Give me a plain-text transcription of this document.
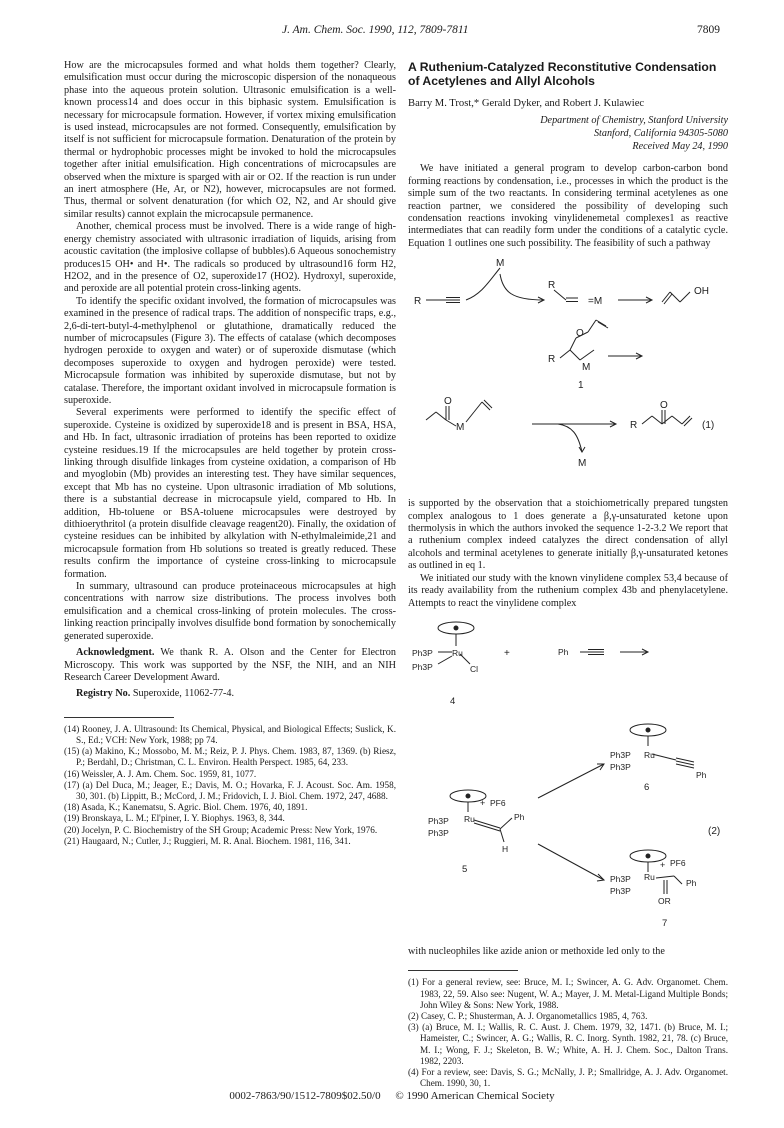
J. Am. Chem. Soc. 1990, 112, 7809-7811	7809

How are the microcapsules formed and what holds them together? Clearly, emulsification must occur during the microscopic dispersion of the nonaqueous phase into the aqueous protein solution. Ultrasonic emulsification is a well-known process14 and does occur in this biphasic system. Emulsification is necessary for microcapsule formation. However, if vortex mixing emulsification is used instead, microcapsules are not formed. Consequently, emulsification by itself is not sufficient for microcapsule formation. Denaturation of the protein by thermal or hydrophobic processes might be invoked to hold the microcapsules together after initial emulsification. High concentrations of microcapsules are observed when the mixture is sparged with air or O2. If the reaction is run under an inert atmosphere (He, Ar, or N2), however, microcapsules are not formed. Thus, thermal or solvent denaturation (for which O2, N2, and Ar should give similar results) cannot explain the microcapsule permanence.

Another, chemical process must be involved. There is a wide range of high-energy chemistry associated with ultrasonic irradiation of liquids, arising from acoustic cavitation (the implosive collapse of bubbles).6 Aqueous sonochemistry produces15 OH• and H•. The radicals so produced by ultrasound16 form H2, H2O2, and in the presence of O2, superoxide17 (HO2). Hydroxyl, superoxide, and peroxide are all potential protein cross-linking agents.

To identify the specific oxidant involved, the formation of microcapsules was examined in the presence of radical traps. The addition of nonspecific traps, e.g., 2,6-di-tert-butyl-4-methylphenol or glutathione, dramatically reduced the number of microcapsules (Figure 3). The effects of catalase (which decomposes hydrogen peroxide to oxygen and water) or of superoxide dismutase (which decomposes superoxide to oxygen and hydrogen peroxide) were tested. Microcapsule formation was inhibited by superoxide dismutase, but not by catalase. Therefore, the important oxidant involved in microcapsule formation is superoxide.

Several experiments were performed to identify the specific effect of superoxide. Cysteine is oxidized by superoxide18 and is present in BSA, HSA, and Hb. In fact, ultrasonic irradiation of proteins has been reported to oxidize cysteine residues.19 If the microcapsules are held together by protein cross-linking through disulfide linkages from cysteine oxidation, a comparison of Hb and myoglobin (Mb) provides an interesting test. They have similar sequences, except that Mb has no cysteine. Upon ultrasonic irradiation of Mb solutions, there is a substantial decrease in microcapsule yield, compared to Hb. In addition, Hb-toluene or BSA-toluene microcapsules were destroyed by dithioerythritol (a protein disulfide cleavage reagent20). Finally, the oxidation of cysteine residues can be inhibited by alkylation with N-ethylmaleimide,21 and microcapsule formation from Hb solutions so treated is greatly reduced. These results confirm the importance of cysteine cross-linking to microcapsule formation.

In summary, ultrasound can produce proteinaceous microcapsules at high concentrations with narrow size distributions. The process involves both emulsification and a chemical cross-linking of protein molecules. The cross-linking reaction principally involves disulfide bond formation by sonochemically generated superoxide.

Acknowledgment. We thank R. A. Olson and the Center for Electron Microscopy. This work was supported by the NSF, the NIH, and an NIH Research Career Development Award.

Registry No. Superoxide, 11062-77-4.

(14) Rooney, J. A. Ultrasound: Its Chemical, Physical, and Biological Effects; Suslick, K. S., Ed.; VCH: New York, 1988; pp 74.

(15) (a) Makino, K.; Mossobo, M. M.; Reiz, P. J. Phys. Chem. 1983, 87, 1369. (b) Riesz, P.; Berdahl, D.; Christman, C. L. Environ. Health Perspect. 1985, 64, 233.

(16) Weissler, A. J. Am. Chem. Soc. 1959, 81, 1077.

(17) (a) Del Duca, M.; Jeager, E.; Davis, M. O.; Hovarka, F. J. Acoust. Soc. Am. 1958, 30, 301. (b) Lippitt, B.; McCord, J. M.; Fridovich, I. J. Biol. Chem. 1972, 247, 4688.

(18) Asada, K.; Kanematsu, S. Agric. Biol. Chem. 1976, 40, 1891.

(19) Bronskaya, L. M.; El'piner, I. Y. Biophys. 1963, 8, 344.

(20) Jocelyn, P. C. Biochemistry of the SH Group; Academic Press: New York, 1976.

(21) Haugaard, N.; Cutler, J.; Ruggieri, M. R. Anal. Biochem. 1981, 116, 341.

A Ruthenium-Catalyzed Reconstitutive Condensation of Acetylenes and Allyl Alcohols
Barry M. Trost,* Gerald Dyker, and Robert J. Kulawiec
Department of Chemistry, Stanford University
Stanford, California 94305-5080
Received May 24, 1990

We have initiated a general program to develop carbon-carbon bond forming reactions by condensation, i.e., processes in which the product is the simple sum of the two reactants. In considering terminal acetylenes as one reaction partner, we considered the possibility of developing such condensation reactions invoking vinylidenemetal complexes1 as reactive intermediates that can readily form under the conditions of a catalytic cycle. Equation 1 outlines one such possibility. The feasibility of such a pathway

R
M
R
=M
OH
R
O
M
1
O
M
M
R
O
(1)

is supported by the observation that a stoichiometrically prepared tungsten complex analogous to 1 does generate a β,γ-unsaturated ketone upon thermolysis in which the authors invoked the sequence 1-2-3.2 We report that a ruthenium complex indeed catalyzes the direct condensation of allyl alcohols and terminal acetylenes to generate initially β,γ-unsaturated ketones as outlined in eq 1.

We initiated our study with the known vinylidene complex 53,4 because of its ready availability from the ruthenium complex 43b and phenylacetylene. Attempts to react the vinylidene complex

Ph3P Ru
Ph3P	Cl
4
+	Ph
Ph3P Ru
Ph3P
Ph
6
+ PF6
Ph3P Ru
Ph3P
Ph
H
5
(2)
+ PF6
Ph3P Ru
Ph3P
Ph
OR
7

with nucleophiles like azide anion or methoxide led only to the

(1) For a general review, see: Bruce, M. I.; Swincer, A. G. Adv. Organomet. Chem. 1983, 22, 59. Also see: Nugent, W. A.; Mayer, J. M. Metal-Ligand Multiple Bonds; John Wiley & Sons: New York, 1988.

(2) Casey, C. P.; Shusterman, A. J. Organometallics 1985, 4, 763.

(3) (a) Bruce, M. I.; Wallis, R. C. Aust. J. Chem. 1979, 32, 1471. (b) Bruce, M. I.; Hameister, C.; Swincer, A. G.; Wallis, R. C. Inorg. Synth. 1982, 21, 78. (c) Bruce, M. I.; Wong, F. J.; Skeleton, B. W.; White, A. H. J. Chem. Soc., Dalton Trans. 1982, 2203.

(4) For a review, see: Davis, S. G.; McNally, J. P.; Smallridge, A. J. Adv. Organomet. Chem. 1990, 30, 1.

0002-7863/90/1512-7809$02.50/0 © 1990 American Chemical Society
